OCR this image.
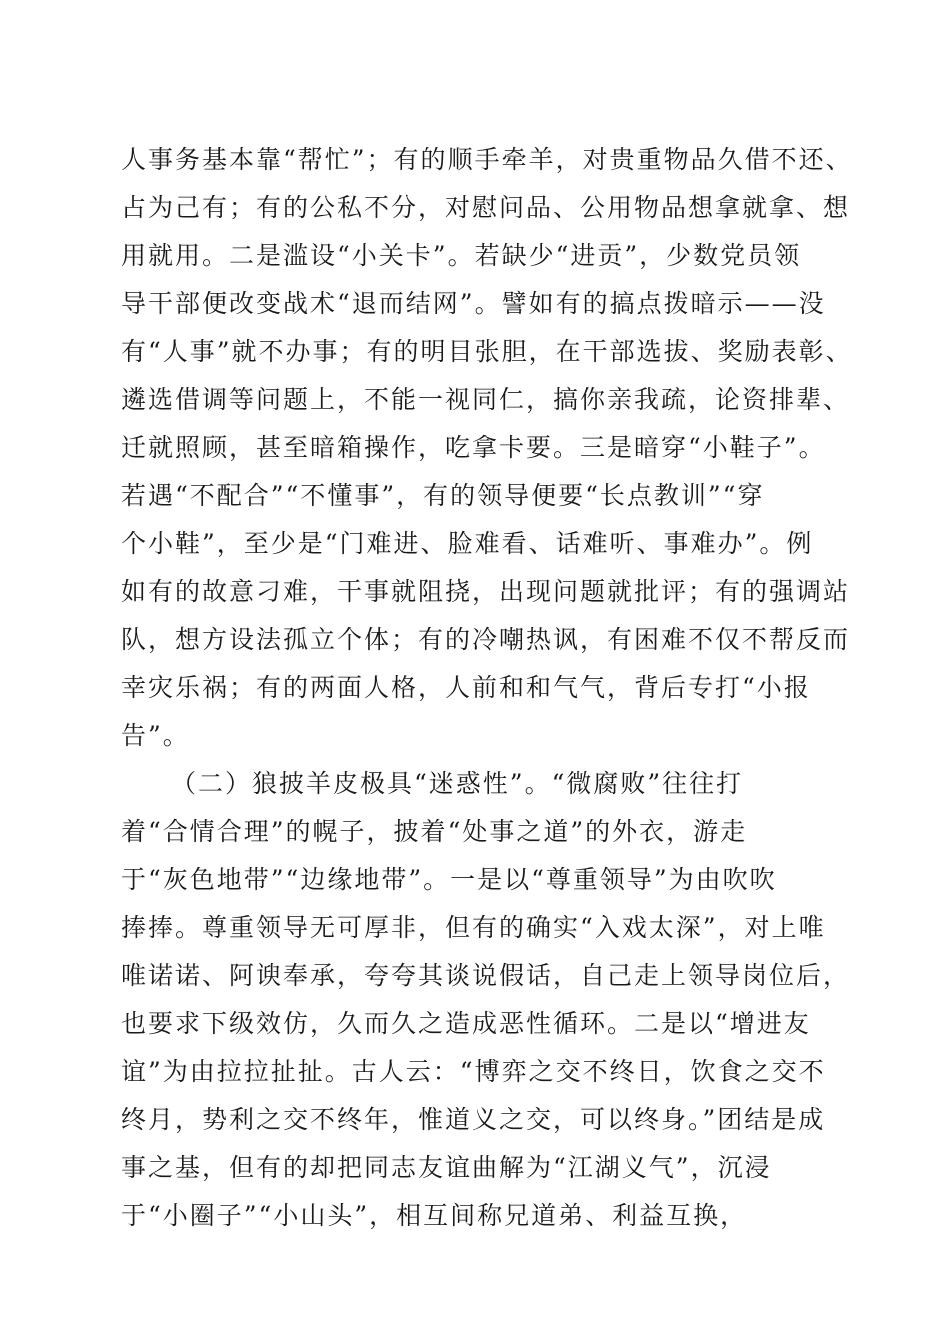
人事务基本靠“帮忙”；有的顺手牵羊，对贵重物品久借不还、
占为己有；有的公私不分，对慰问品、公用物品想拿就拿、想
用就用。二是滥设“小关卡”。若缺少“进贡”，少数党员领
导干部便改变战术“退而结网”。譬如有的搞点拨暗示——没
有“人事”就不办事；有的明目张胆，在干部选拔、奖励表彰、
遴选借调等问题上，不能一视同仁，搞你亲我疏，论资排辈、
迁就照顾，甚至暗箱操作，吃拿卡要。三是暗穿“小鞋子”。
若遇“不配合”“不懂事”，有的领导便要“长点教训”“穿
个小鞋”，至少是“门难进、脸难看、话难听、事难办”。例
如有的故意刁难，干事就阻挠，出现问题就批评；有的强调站
队，想方设法孤立个体；有的冷嘲热讽，有困难不仅不帮反而
幸灾乐祸；有的两面人格，人前和和气气，背后专打“小报
告”。
（二）狼披羊皮极具“迷惑性”。“微腐败”往往打
着“合情合理”的幌子，披着“处事之道”的外衣，游走
于“灰色地带”“边缘地带”。一是以“尊重领导”为由吹吹
捧捧。尊重领导无可厚非，但有的确实“入戏太深”，对上唯
唯诺诺、阿谀奉承，夸夸其谈说假话，自己走上领导岗位后，
也要求下级效仿，久而久之造成恶性循环。二是以“增进友
谊”为由拉拉扯扯。古人云：“博弈之交不终日，饮食之交不
终月，势利之交不终年，惟道义之交，可以终身。”团结是成
事之基，但有的却把同志友谊曲解为“江湖义气”，沉浸
于“小圈子”“小山头”，相互间称兄道弟、利益互换，
